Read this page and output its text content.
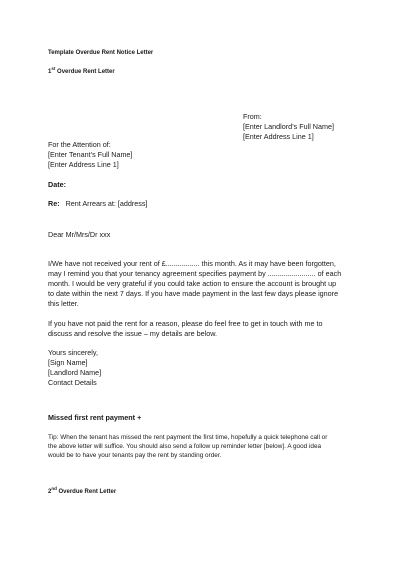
Template Overdue Rent Notice Letter

1st Overdue Rent Letter

From:

[Enter Landlord’s Full Name]

[Enter Address Line 1]

For the Attention of:

[Enter Tenant’s Full Name]

[Enter Address Line 1]

Date:

Re: Rent Arrears at: [address]

Dear Mr/Mrs/Dr xxx

I/We have not received your rent of £................. this month. As it may have been forgotten,

may I remind you that your tenancy agreement specifies payment by ........................ of each

month. I would be very grateful if you could take action to ensure the account is brought up

to date within the next 7 days. If you have made payment in the last few days please ignore

this letter.

If you have not paid the rent for a reason, please do feel free to get in touch with me to

discuss and resolve the issue – my details are below.

Yours sincerely,

[Sign Name]

[Landlord Name]

Contact Details

Missed first rent payment +

Tip: When the tenant has missed the rent payment the first time, hopefully a quick telephone call or

the above letter will suffice. You should also send a follow up reminder letter [below]. A good idea

would be to have your tenants pay the rent by standing order.

2nd Overdue Rent Letter
